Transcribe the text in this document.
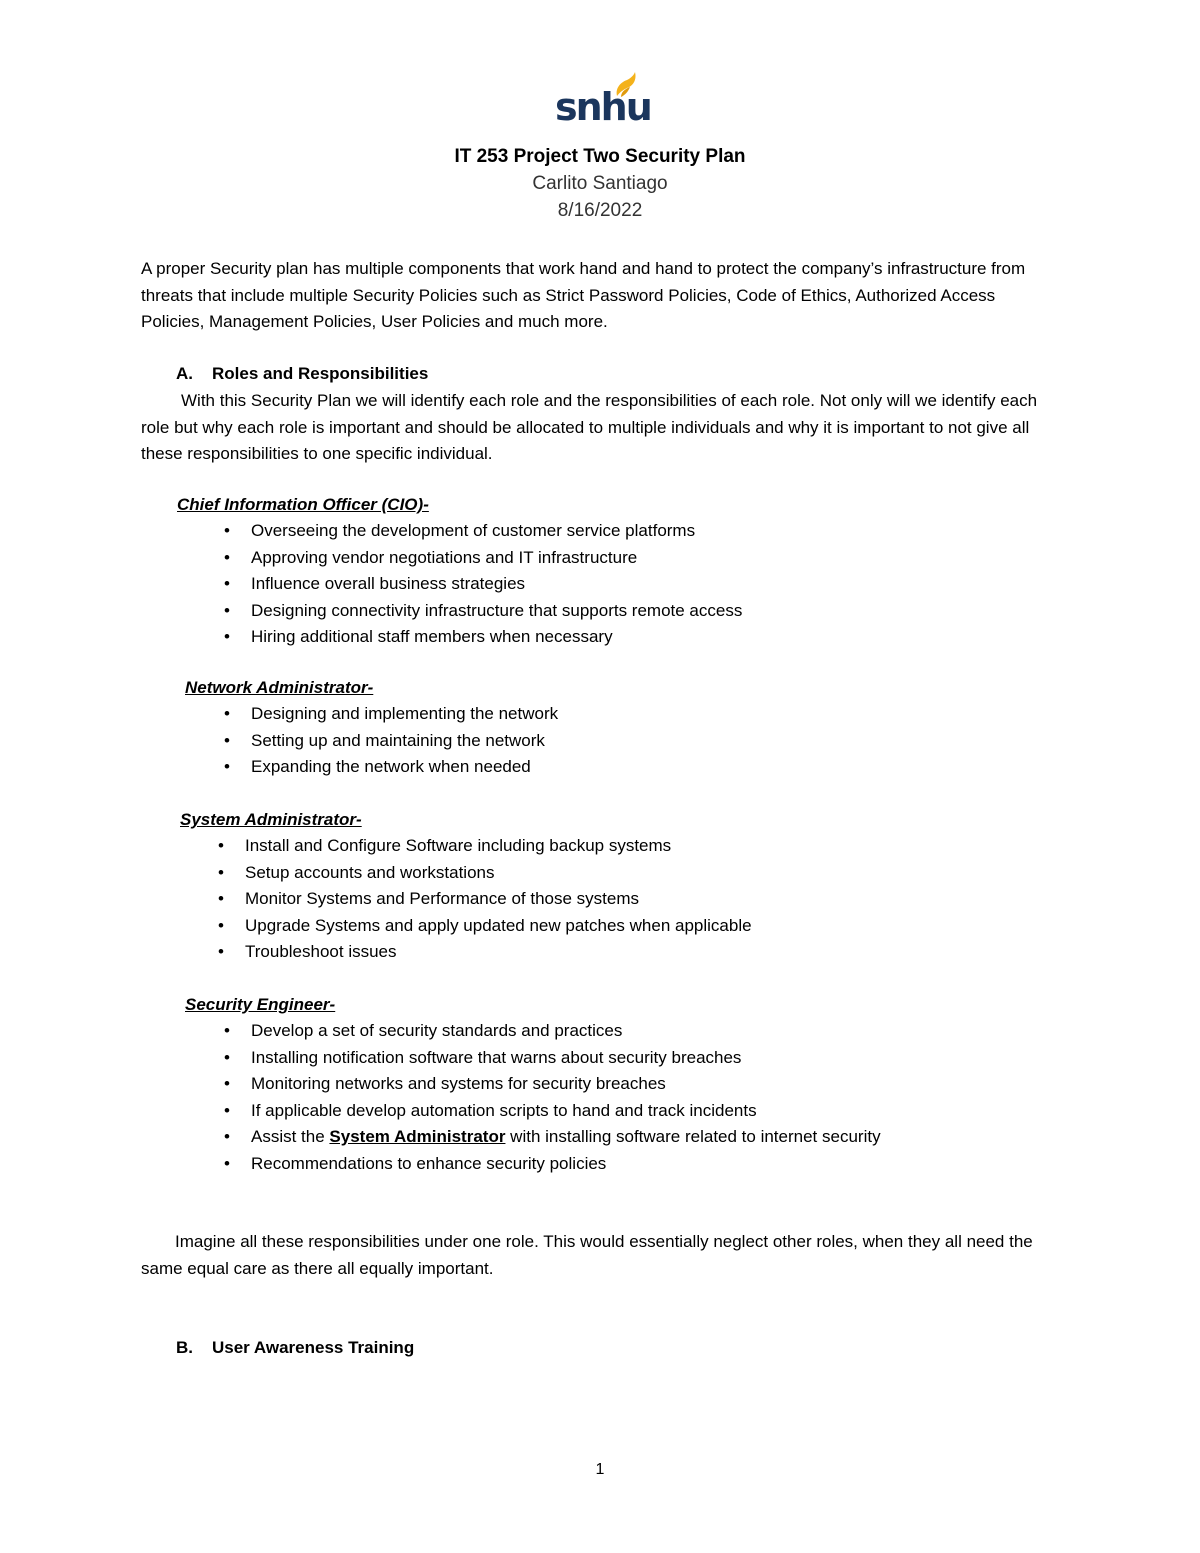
snhu
IT 253 Project Two Security Plan
Carlito Santiago
8/16/2022
A proper Security plan has multiple components that work hand and hand to protect the company’s infrastructure from threats that include multiple Security Policies such as Strict Password Policies, Code of Ethics, Authorized Access Policies, Management Policies, User Policies and much more.
A. Roles and Responsibilities
With this Security Plan we will identify each role and the responsibilities of each role. Not only will we identify each role but why each role is important and should be allocated to multiple individuals and why it is important to not give all these responsibilities to one specific individual.
Chief Information Officer (CIO)-
•	Overseeing the development of customer service platforms
•	Approving vendor negotiations and IT infrastructure
•	Influence overall business strategies
•	Designing connectivity infrastructure that supports remote access
•	Hiring additional staff members when necessary
Network Administrator-
•	Designing and implementing the network
•	Setting up and maintaining the network
•	Expanding the network when needed
System Administrator-
•	Install and Configure Software including backup systems
•	Setup accounts and workstations
•	Monitor Systems and Performance of those systems
•	Upgrade Systems and apply updated new patches when applicable
•	Troubleshoot issues
Security Engineer-
•	Develop a set of security standards and practices
•	Installing notification software that warns about security breaches
•	Monitoring networks and systems for security breaches
•	If applicable develop automation scripts to hand and track incidents
•	Assist the System Administrator with installing software related to internet security
•	Recommendations to enhance security policies
Imagine all these responsibilities under one role. This would essentially neglect other roles, when they all need the same equal care as there all equally important.
B. User Awareness Training
1
